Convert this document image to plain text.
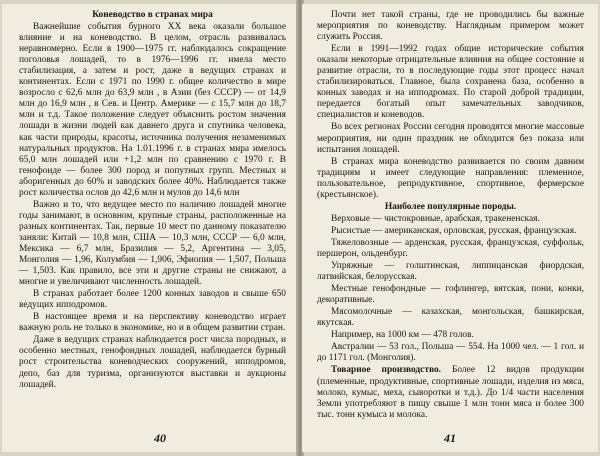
Коневодство в странах мира

Важнейшие события бурного XX века оказали большое влияние и на коневодство. В целом, отрасль развивалась неравномерно. Если в 1900—1975 гг. наблюдалось сокращение поголовья лошадей, то в 1976—1996 гг. имела место стабилизация, а затем и рост, даже в ведущих странах и континентах. Если с 1971 по 1990 г. общее количество в мире возросло с 62,6 млн до 63,9 млн , в Азии (без СССР) — от 14,9 млн до 16,9 млн , в Сев. и Центр. Америке — с 15,7 млн до 18,7 млн и т.д. Такое положение следует объяснить ростом значения лошади в жизни людей как давнего друга и спутника человека, как части природы, красоты, источника получения незаменимых натуральных продуктов. На 1.01.1996 г. в странах мира имелось 65,0 млн лошадей или +1,2 млн по сравнению с 1970 г. В генофонде — более 300 пород и попутных групп. Местных и аборигенных до 60% и заводских более 40%. Наблюдается также рост количества ослов до 42,6 млн и мулов до 14,6 млн

Важно и то, что ведущее место по наличию лошадей многие годы занимают, в основном, крупные страны, расположенные на разных континентах. Так, первые 10 мест по данному показателю заняли: Китай — 10,8 млн, США — 10,3 млн, СССР — 6,0 млн, Мексика — 6,7 млн, Бразилия — 5,2, Аргентина — 3,05, Монголия — 1,96, Колумбия — 1,906, Эфиопия — 1,507, Польша — 1,503. Как правило, все эти и другие страны не снижают, а многие и увеличивают численность лошадей.

В странах работает более 1200 конных заводов и свыше 650 ведущих ипподромов.

В настоящее время и на перспективу коневодство играет важную роль не только в экономике, но и в общем развитии стран.

Даже в ведущих странах наблюдается рост числа породных, и особенно местных, генофондных лошадей, наблюдается бурный рост строительства коневодческих сооружений, ипподромов, депо, баз для туризма, организуются выставки и аукционы лошадей.

40

Почти нет такой страны, где не проводились бы важные мероприятия по коневодству. Наглядным примером может служить Россия.

Если в 1991—1992 годах общие исторические события оказали некоторые отрицательные влияния на общее состояние и развитие отрасли, то в последующие годы этот процесс начал стабилизироваться. Главное, была сохранена база, особенно в конных заводах и на ипподромах. По старой доброй традиции, передается богатый опыт замечательных заводчиков, специалистов и коневодов.

Во всех регионах России сегодня проводятся многие массовые мероприятия, ни один праздник не обходится без показа или испытания лошадей.

В странах мира коневодство развивается по своим давним традициям и имеет следующие направления: племенное, пользовательное, репродуктивное, спортивное, фермерское (крестьянское).

Наиболее популярные породы.

Верховые — чистокровные, арабская, тракененская.

Рысистые — американская, орловская, русская, французская.

Тяжеловозные — арденская, русская, французская, суффольк, першерон, ольденбург.

Упряжные — голштинская, липпицанская фиордская, латвийская, белорусская.

Местные генофондные — гофлингер, вятская, пони, конки, декоративные.

Мясомолочные — казахская, монгольская, башкирская, якутская.

Например, на 1000 км — 478 голов.

Австралии — 53 гол., Польша — 554. На 1000 чел. — 1 гол. и до 1171 гол. (Монголия).

Товарное производство. Более 12 видов продукции (племенные, продуктивные, спортивные лошади, изделия из мяса, молоко, кумыс, меха, сыворотки и т.д.). До 1/4 части населения Земли употребляют в пищу свыше 1 млн тонн мяса и более 300 тыс. тонн кумыса и молока.

41
